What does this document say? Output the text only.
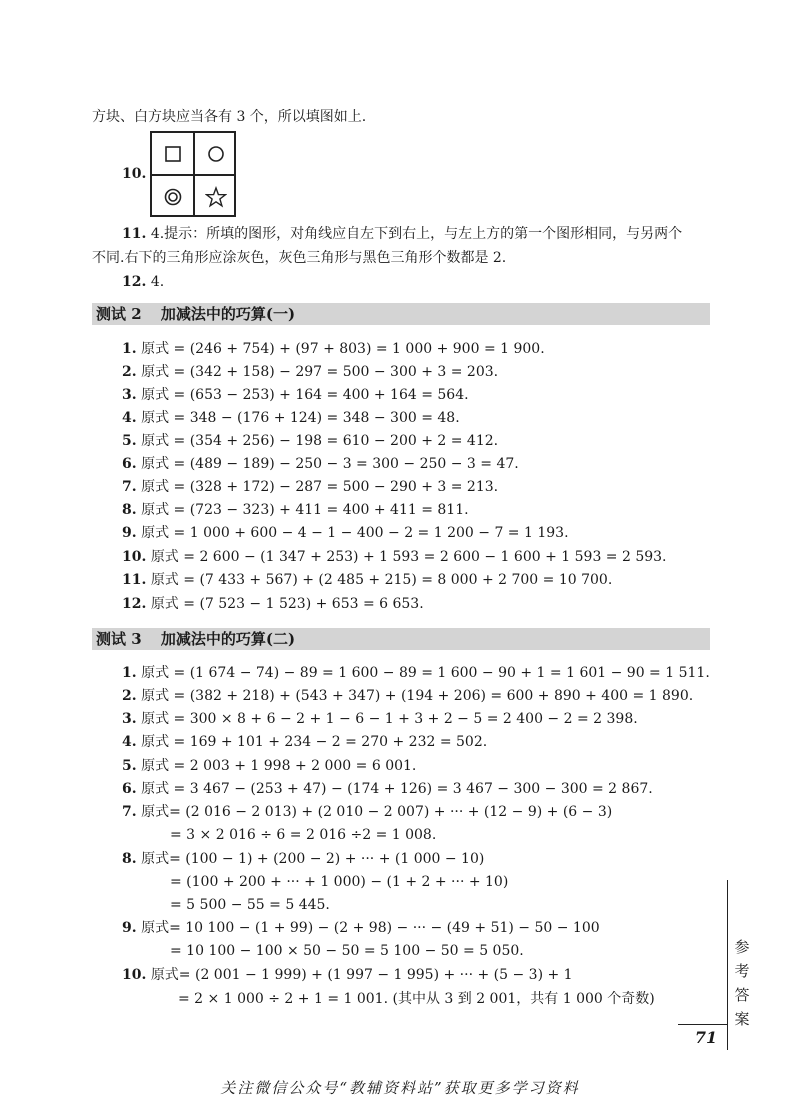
方块、白方块应当各有 3 个，所以填图如上.
10.
11. 4.提示：所填的图形，对角线应自左下到右上，与左上方的第一个图形相同，与另两个
不同.右下的三角形应涂灰色，灰色三角形与黑色三角形个数都是 2.
12. 4.
测试 2 加减法中的巧算(一)
1. 原式 = (246 + 754) + (97 + 803) = 1 000 + 900 = 1 900.
2. 原式 = (342 + 158) − 297 = 500 − 300 + 3 = 203.
3. 原式 = (653 − 253) + 164 = 400 + 164 = 564.
4. 原式 = 348 − (176 + 124) = 348 − 300 = 48.
5. 原式 = (354 + 256) − 198 = 610 − 200 + 2 = 412.
6. 原式 = (489 − 189) − 250 − 3 = 300 − 250 − 3 = 47.
7. 原式 = (328 + 172) − 287 = 500 − 290 + 3 = 213.
8. 原式 = (723 − 323) + 411 = 400 + 411 = 811.
9. 原式 = 1 000 + 600 − 4 − 1 − 400 − 2 = 1 200 − 7 = 1 193.
10. 原式 = 2 600 − (1 347 + 253) + 1 593 = 2 600 − 1 600 + 1 593 = 2 593.
11. 原式 = (7 433 + 567) + (2 485 + 215) = 8 000 + 2 700 = 10 700.
12. 原式 = (7 523 − 1 523) + 653 = 6 653.
测试 3 加减法中的巧算(二)
1. 原式 = (1 674 − 74) − 89 = 1 600 − 89 = 1 600 − 90 + 1 = 1 601 − 90 = 1 511.
2. 原式 = (382 + 218) + (543 + 347) + (194 + 206) = 600 + 890 + 400 = 1 890.
3. 原式 = 300 × 8 + 6 − 2 + 1 − 6 − 1 + 3 + 2 − 5 = 2 400 − 2 = 2 398.
4. 原式 = 169 + 101 + 234 − 2 = 270 + 232 = 502.
5. 原式 = 2 003 + 1 998 + 2 000 = 6 001.
6. 原式 = 3 467 − (253 + 47) − (174 + 126) = 3 467 − 300 − 300 = 2 867.
7. 原式= (2 016 − 2 013) + (2 010 − 2 007) + ··· + (12 − 9) + (6 − 3)
= 3 × 2 016 ÷ 6 = 2 016 ÷2 = 1 008.
8. 原式= (100 − 1) + (200 − 2) + ··· + (1 000 − 10)
= (100 + 200 + ··· + 1 000) − (1 + 2 + ··· + 10)
= 5 500 − 55 = 5 445.
9. 原式= 10 100 − (1 + 99) − (2 + 98) − ··· − (49 + 51) − 50 − 100
= 10 100 − 100 × 50 − 50 = 5 100 − 50 = 5 050.
10. 原式= (2 001 − 1 999) + (1 997 − 1 995) + ··· + (5 − 3) + 1
= 2 × 1 000 ÷ 2 + 1 = 1 001. (其中从 3 到 2 001，共有 1 000 个奇数)
参考答案
71
关注微信公众号“教辅资料站”获取更多学习资料
